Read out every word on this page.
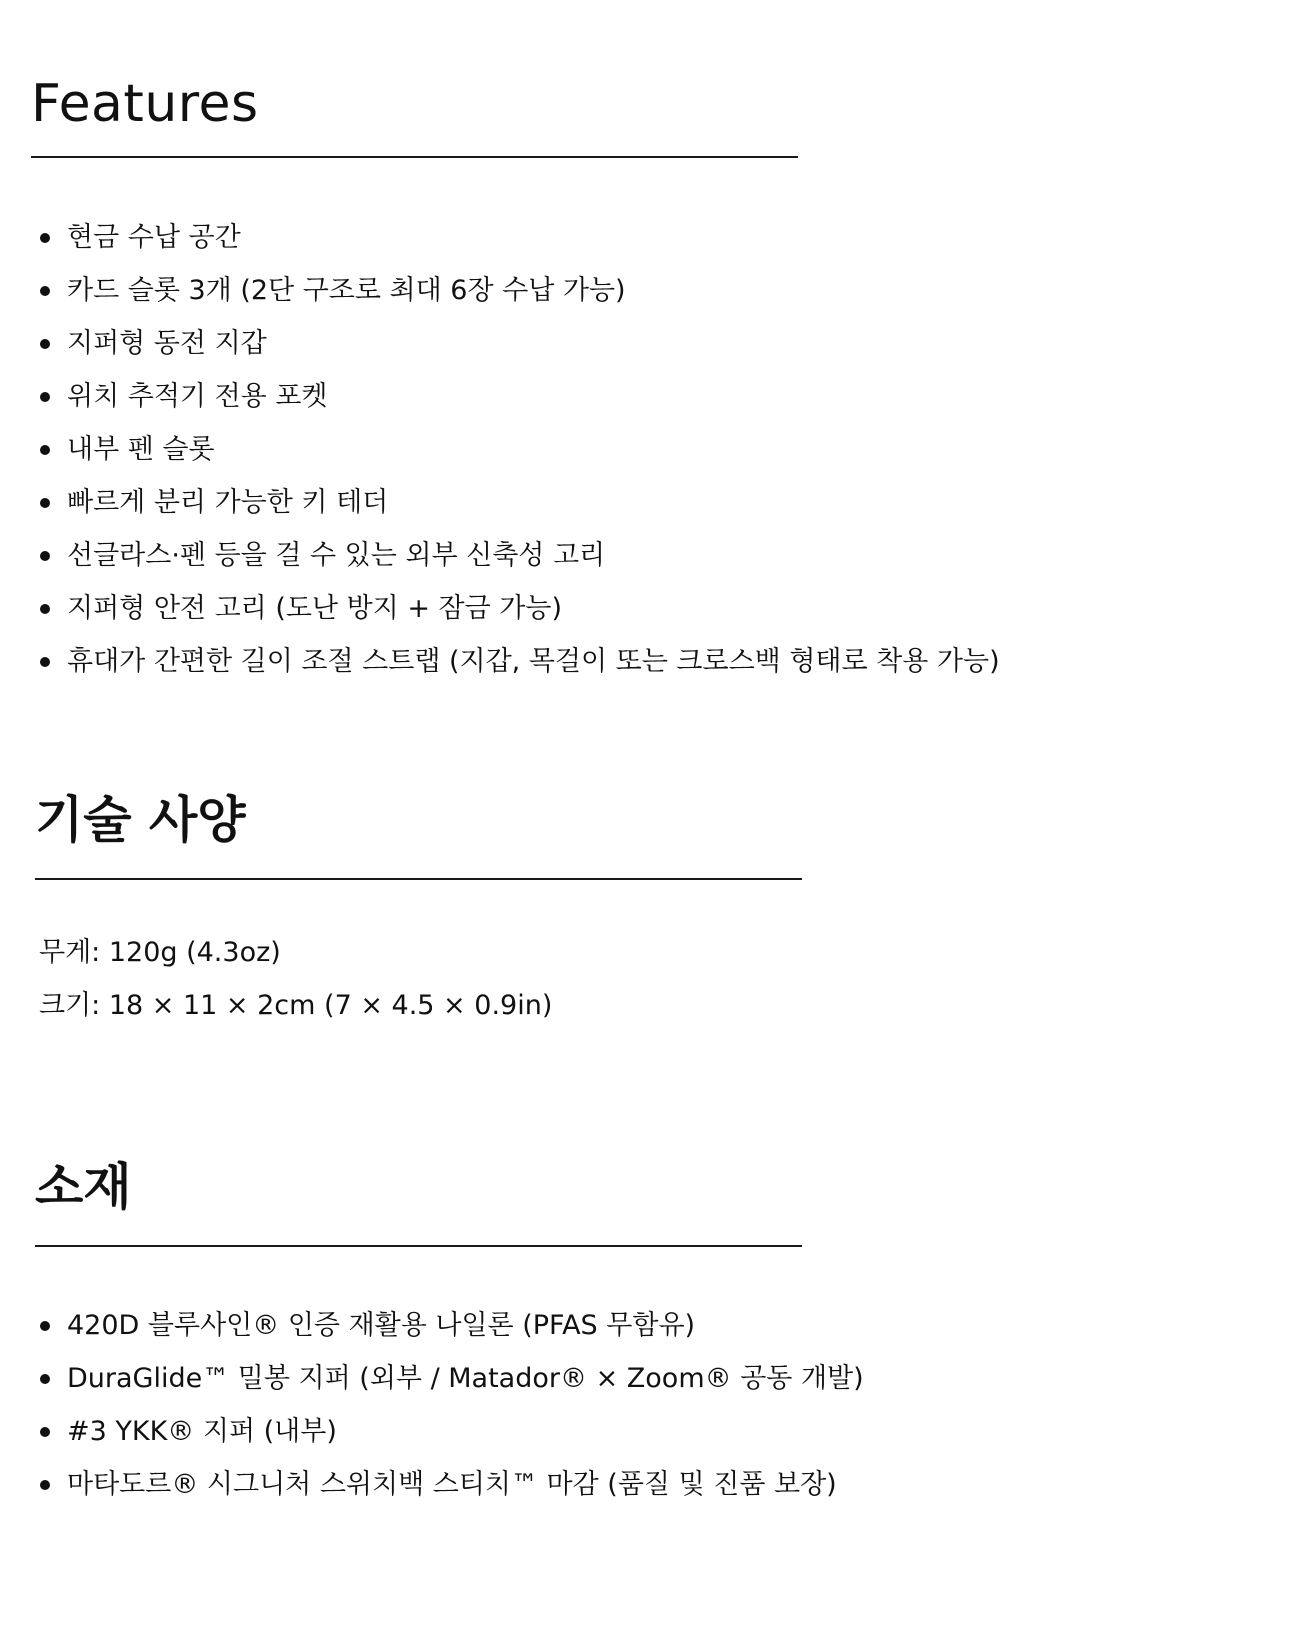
Features
현금 수납 공간
카드 슬롯 3개 (2단 구조로 최대 6장 수납 가능)
지퍼형 동전 지갑
위치 추적기 전용 포켓
내부 펜 슬롯
빠르게 분리 가능한 키 테더
선글라스·펜 등을 걸 수 있는 외부 신축성 고리
지퍼형 안전 고리 (도난 방지 + 잠금 가능)
휴대가 간편한 길이 조절 스트랩 (지갑, 목걸이 또는 크로스백 형태로 착용 가능)
기술 사양
무게: 120g (4.3oz)
크기: 18 × 11 × 2cm (7 × 4.5 × 0.9in)
소재
420D 블루사인® 인증 재활용 나일론 (PFAS 무함유)
DuraGlide™ 밀봉 지퍼 (외부 / Matador® × Zoom® 공동 개발)
#3 YKK® 지퍼 (내부)
마타도르® 시그니처 스위치백 스티치™ 마감 (품질 및 진품 보장)
